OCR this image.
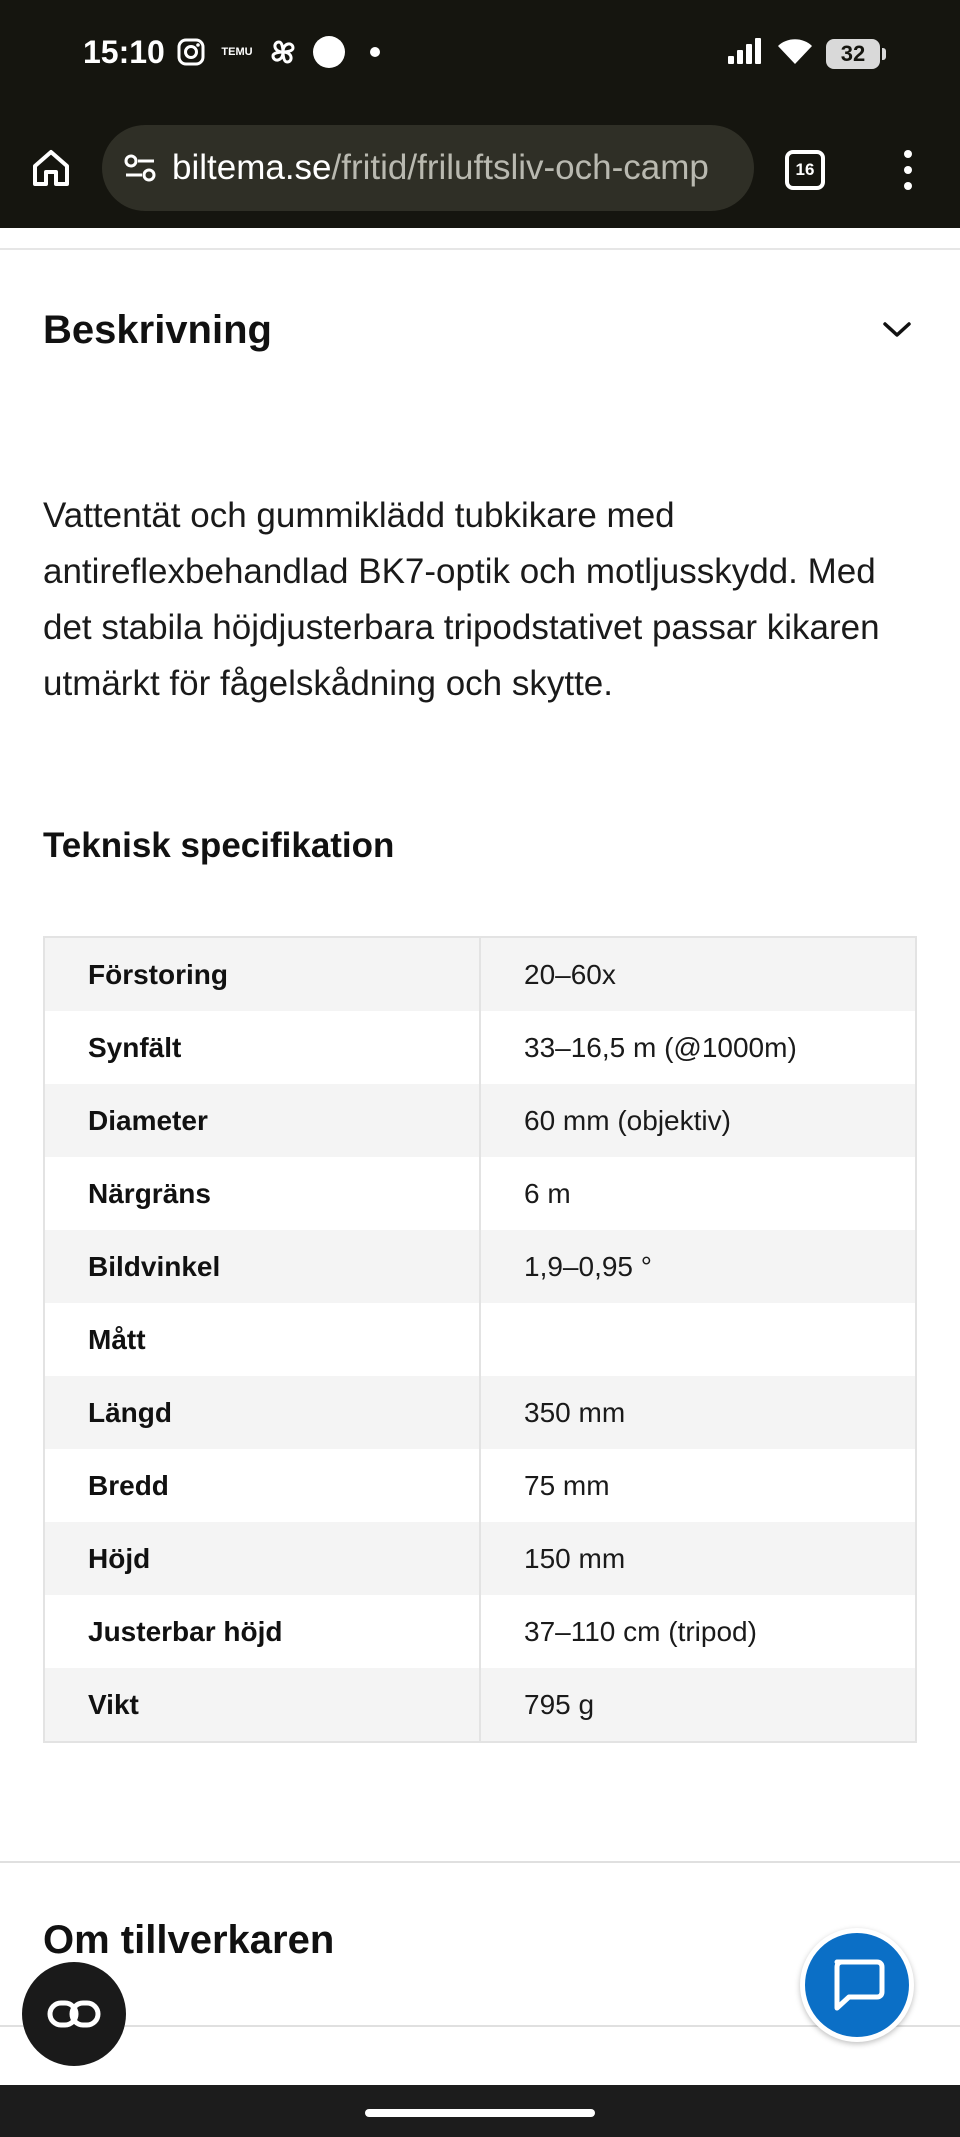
15:10	TEMU	32
biltema.se/fritid/friluftsliv-och-camp	16
Beskrivning
Vattentät och gummiklädd tubkikare med antireflexbehandlad BK7-optik och motljusskydd. Med det stabila höjdjusterbara tripodstativet passar kikaren utmärkt för fågelskådning och skytte.
Teknisk specifikation
Förstoring	20–60x
Synfält	33–16,5 m (@1000m)
Diameter	60 mm (objektiv)
Närgräns	6 m
Bildvinkel	1,9–0,95 °
Mått
Längd	350 mm
Bredd	75 mm
Höjd	150 mm
Justerbar höjd	37–110 cm (tripod)
Vikt	795 g
Om tillverkaren
